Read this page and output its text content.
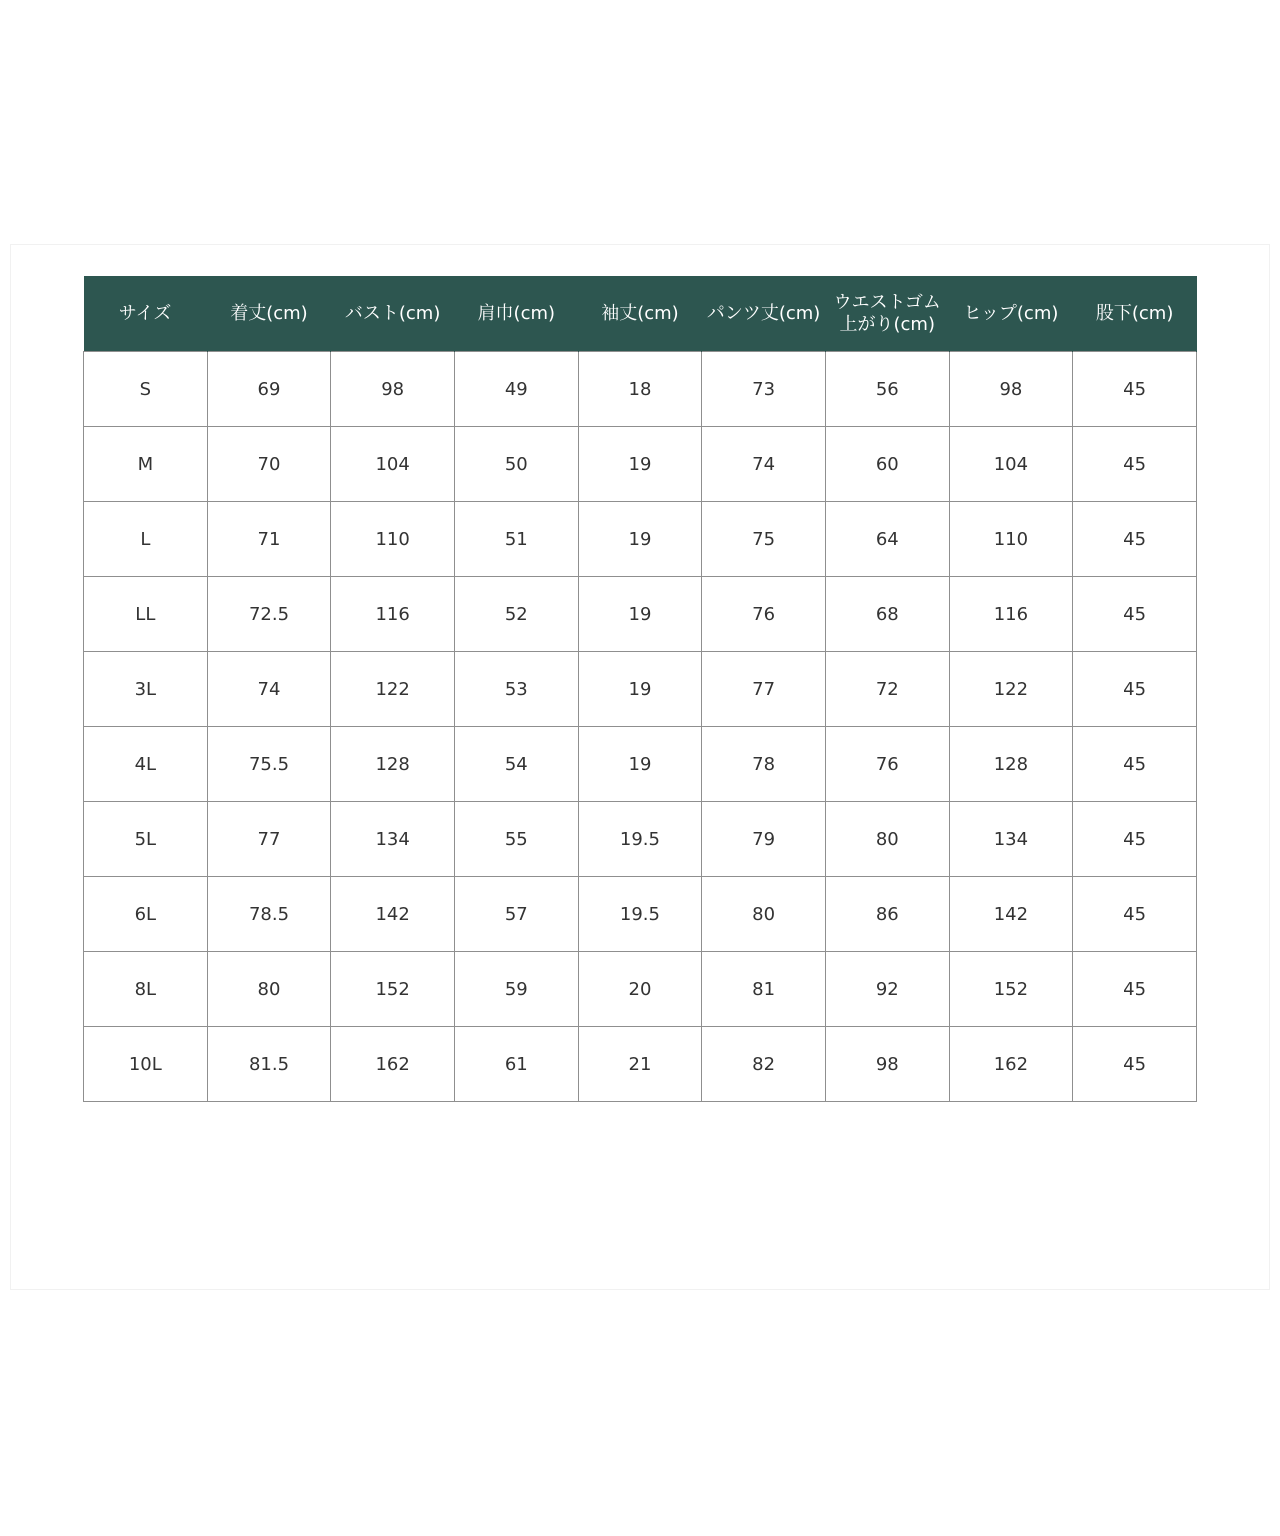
サイズ	着丈(cm)	バスト(cm)	肩巾(cm)	袖丈(cm)	パンツ丈(cm)	ウエストゴム上がり(cm)	ヒップ(cm)	股下(cm)
S	69	98	49	18	73	56	98	45
M	70	104	50	19	74	60	104	45
L	71	110	51	19	75	64	110	45
LL	72.5	116	52	19	76	68	116	45
3L	74	122	53	19	77	72	122	45
4L	75.5	128	54	19	78	76	128	45
5L	77	134	55	19.5	79	80	134	45
6L	78.5	142	57	19.5	80	86	142	45
8L	80	152	59	20	81	92	152	45
10L	81.5	162	61	21	82	98	162	45
